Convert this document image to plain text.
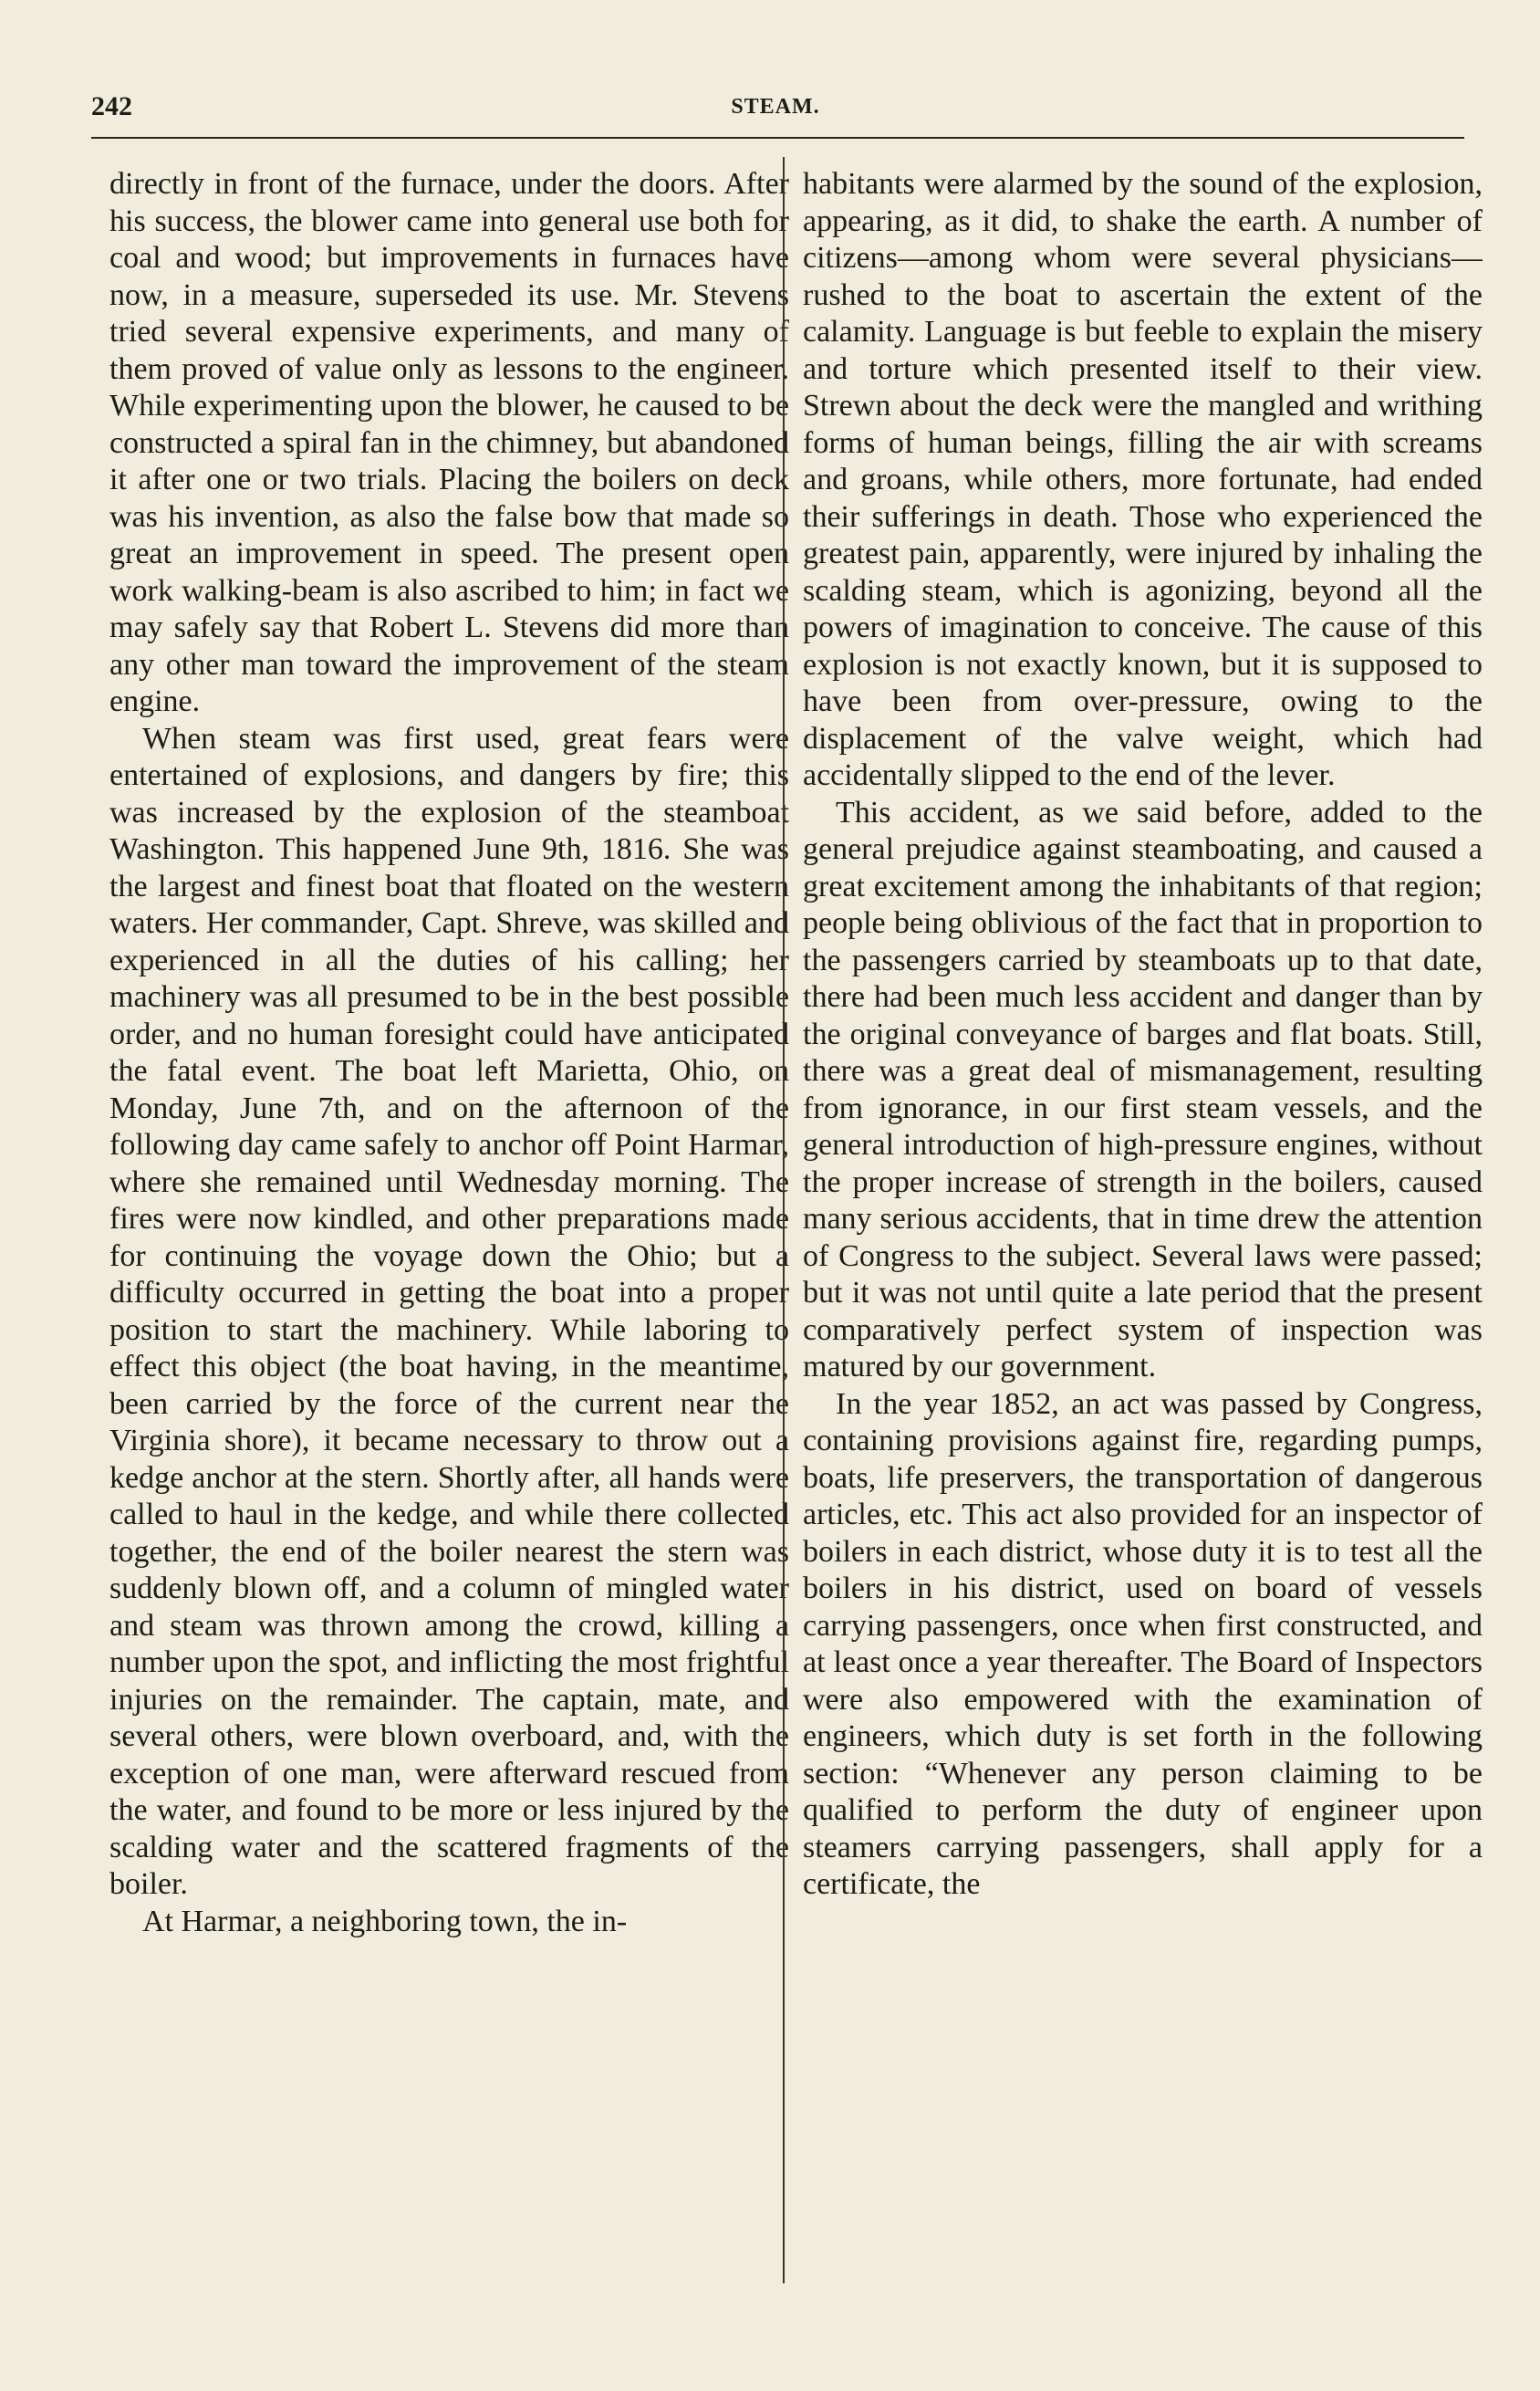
242	STEAM.

directly in front of the furnace, under the doors. After his success, the blower came into general use both for coal and wood; but improvements in furnaces have now, in a measure, superseded its use. Mr. Stevens tried several expensive experiments, and many of them proved of value only as lessons to the engineer. While experimenting upon the blower, he caused to be constructed a spiral fan in the chimney, but abandoned it after one or two trials. Placing the boilers on deck was his invention, as also the false bow that made so great an improvement in speed. The present open work walking-beam is also ascribed to him; in fact we may safely say that Robert L. Stevens did more than any other man toward the improvement of the steam engine.

When steam was first used, great fears were entertained of explosions, and dangers by fire; this was increased by the explosion of the steamboat Washington. This happened June 9th, 1816. She was the largest and finest boat that floated on the western waters. Her commander, Capt. Shreve, was skilled and experienced in all the duties of his calling; her machinery was all presumed to be in the best possible order, and no human foresight could have anticipated the fatal event. The boat left Marietta, Ohio, on Monday, June 7th, and on the afternoon of the following day came safely to anchor off Point Harmar, where she remained until Wednesday morning. The fires were now kindled, and other preparations made for continuing the voyage down the Ohio; but a difficulty occurred in getting the boat into a proper position to start the machinery. While laboring to effect this object (the boat having, in the meantime, been carried by the force of the current near the Virginia shore), it became necessary to throw out a kedge anchor at the stern. Shortly after, all hands were called to haul in the kedge, and while there collected together, the end of the boiler nearest the stern was suddenly blown off, and a column of mingled water and steam was thrown among the crowd, killing a number upon the spot, and inflicting the most frightful injuries on the remainder. The captain, mate, and several others, were blown overboard, and, with the exception of one man, were afterward rescued from the water, and found to be more or less injured by the scalding water and the scattered fragments of the boiler.

At Harmar, a neighboring town, the in-

habitants were alarmed by the sound of the explosion, appearing, as it did, to shake the earth. A number of citizens—among whom were several physicians—rushed to the boat to ascertain the extent of the calamity. Language is but feeble to explain the misery and torture which presented itself to their view. Strewn about the deck were the mangled and writhing forms of human beings, filling the air with screams and groans, while others, more fortunate, had ended their sufferings in death. Those who experienced the greatest pain, apparently, were injured by inhaling the scalding steam, which is agonizing, beyond all the powers of imagination to conceive. The cause of this explosion is not exactly known, but it is supposed to have been from over-pressure, owing to the displacement of the valve weight, which had accidentally slipped to the end of the lever.

This accident, as we said before, added to the general prejudice against steamboating, and caused a great excitement among the inhabitants of that region; people being oblivious of the fact that in proportion to the passengers carried by steamboats up to that date, there had been much less accident and danger than by the original conveyance of barges and flat boats. Still, there was a great deal of mismanagement, resulting from ignorance, in our first steam vessels, and the general introduction of high-pressure engines, without the proper increase of strength in the boilers, caused many serious accidents, that in time drew the attention of Congress to the subject. Several laws were passed; but it was not until quite a late period that the present comparatively perfect system of inspection was matured by our government.

In the year 1852, an act was passed by Congress, containing provisions against fire, regarding pumps, boats, life preservers, the transportation of dangerous articles, etc. This act also provided for an inspector of boilers in each district, whose duty it is to test all the boilers in his district, used on board of vessels carrying passengers, once when first constructed, and at least once a year thereafter. The Board of Inspectors were also empowered with the examination of engineers, which duty is set forth in the following section: “Whenever any person claiming to be qualified to perform the duty of engineer upon steamers carrying passengers, shall apply for a certificate, the
